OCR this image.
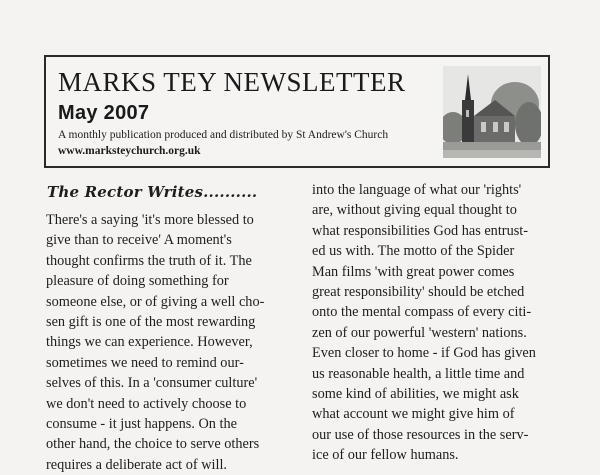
MARKS TEY NEWSLETTER
May 2007
A monthly publication produced and distributed by St Andrew's Church
www.marksteychurch.org.uk
The Rector Writes..........
There's a saying 'it's more blessed to
give than to receive' A moment's
thought confirms the truth of it. The
pleasure of doing something for
someone else, or of giving a well cho-
sen gift is one of the most rewarding
things we can experience. However,
sometimes we need to remind our-
selves of this. In a 'consumer culture'
we don't need to actively choose to
consume - it just happens. On the
other hand, the choice to serve others
requires a deliberate act of will.
into the language of what our 'rights'
are, without giving equal thought to
what responsibilities God has entrust-
ed us with. The motto of the Spider
Man films 'with great power comes
great responsibility' should be etched
onto the mental compass of every citi-
zen of our powerful 'western' nations.
Even closer to home - if God has given
us reasonable health, a little time and
some kind of abilities, we might ask
what account we might give him of
our use of those resources in the serv-
ice of our fellow humans.
